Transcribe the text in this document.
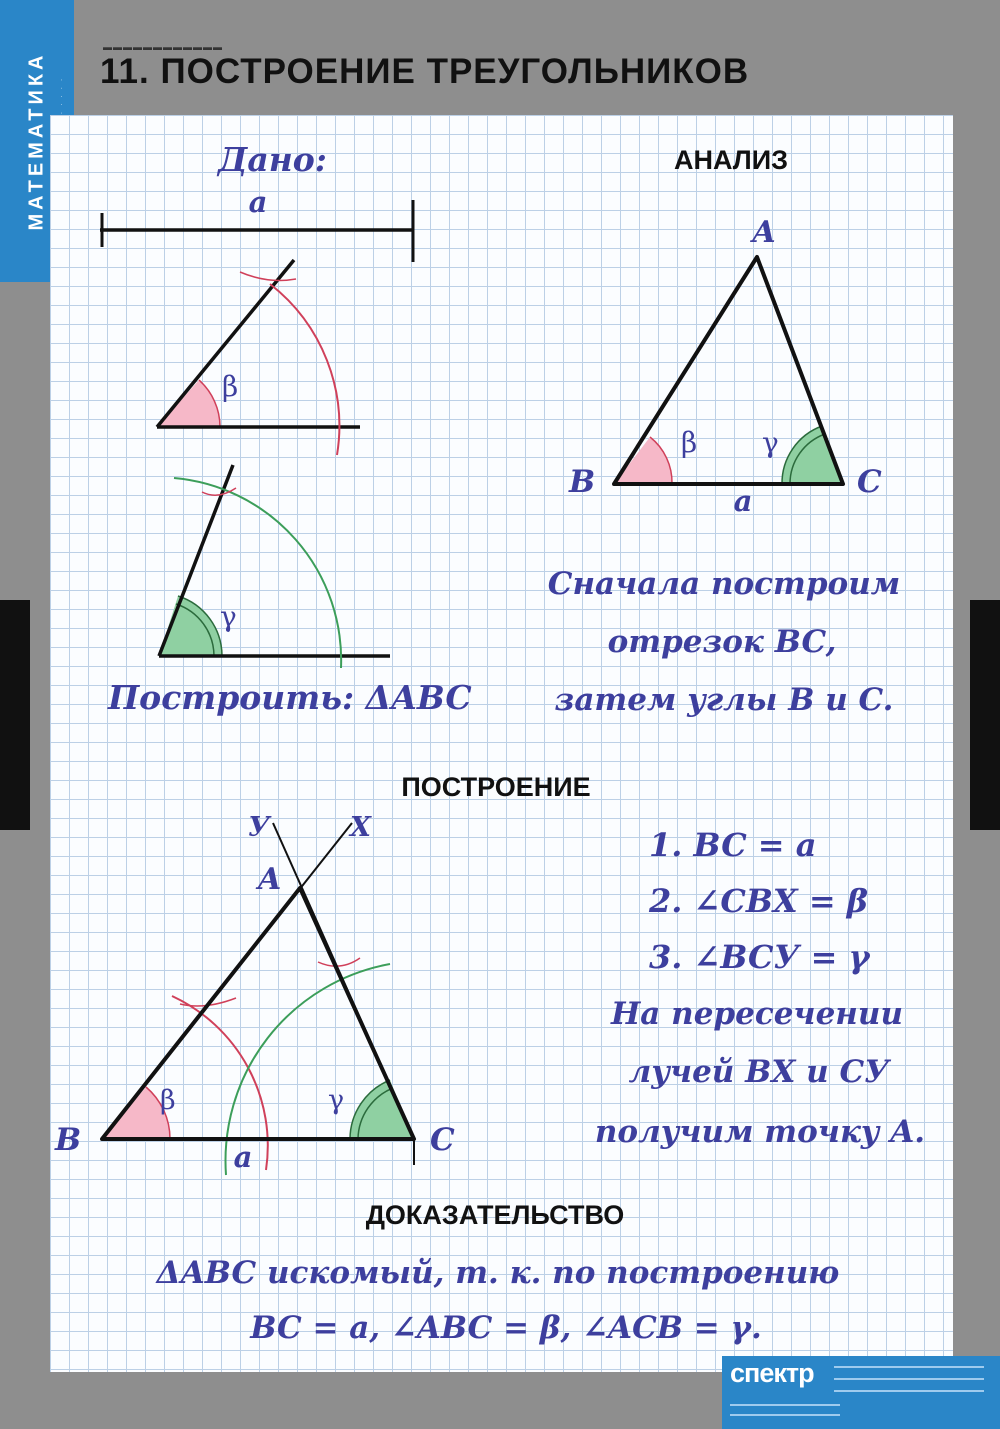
МАТЕМАТИКА
▬▬▬▬▬▬▬▬▬▬▬▬
11. ПОСТРОЕНИЕ ТРЕУГОЛЬНИКОВ
Дано:
a
β
γ
Построить: ΔABC
АНАЛИЗ
A
B	C
a
β γ
Сначала построим
отрезок BC,
затем углы B и C.
ПОСТРОЕНИЕ
У	Х
A
B	C
a
β	γ
1. BC = a
2. ∠CBX = β
3. ∠BCУ = γ
На пересечении
лучей BX и CУ
получим точку A.
ДОКАЗАТЕЛЬСТВО
ΔABC искомый, т. к. по построению
BC = a, ∠ABC = β, ∠ACB = γ.
спектр
